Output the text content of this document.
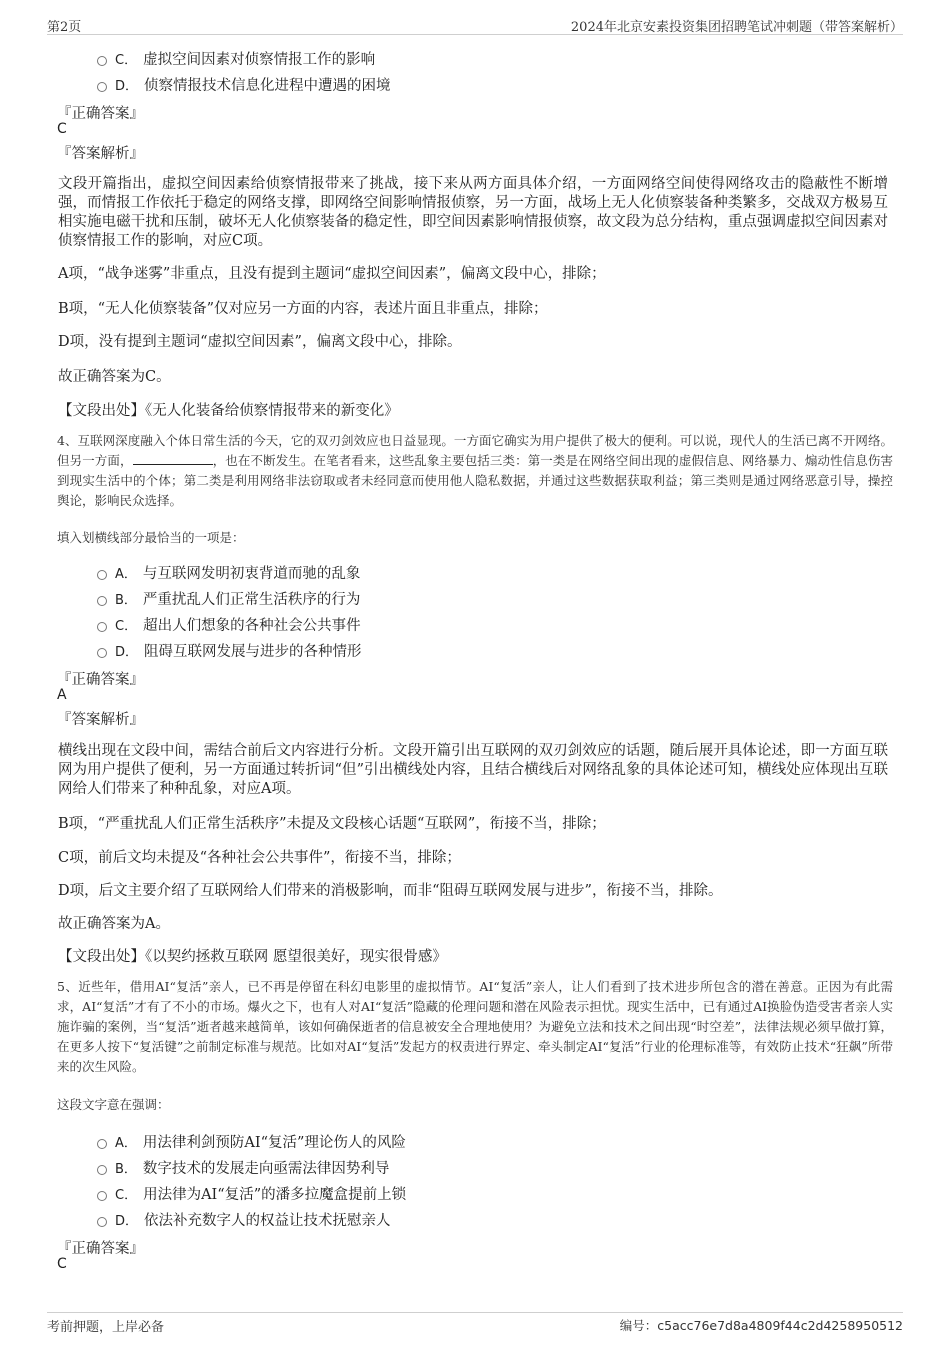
第2页	2024年北京安素投资集团招聘笔试冲刺题（带答案解析）
C． 虚拟空间因素对侦察情报工作的影响
D． 侦察情报技术信息化进程中遭遇的困境
『正确答案』
C
『答案解析』
文段开篇指出，虚拟空间因素给侦察情报带来了挑战，接下来从两方面具体介绍，一方面网络空间使得网络攻击的隐蔽性不断增强，而情报工作依托于稳定的网络支撑，即网络空间影响情报侦察，另一方面，战场上无人化侦察装备种类繁多，交战双方极易互相实施电磁干扰和压制，破坏无人化侦察装备的稳定性，即空间因素影响情报侦察，故文段为总分结构，重点强调虚拟空间因素对侦察情报工作的影响，对应C项。
A项，“战争迷雾”非重点，且没有提到主题词“虚拟空间因素”，偏离文段中心，排除；
B项，“无人化侦察装备”仅对应另一方面的内容，表述片面且非重点，排除；
D项，没有提到主题词“虚拟空间因素”，偏离文段中心，排除。
故正确答案为C。
【文段出处】《无人化装备给侦察情报带来的新变化》
4、互联网深度融入个体日常生活的今天，它的双刃剑效应也日益显现。一方面它确实为用户提供了极大的便利。可以说，现代人的生活已离不开网络。但另一方面，	，也在不断发生。在笔者看来，这些乱象主要包括三类：第一类是在网络空间出现的虚假信息、网络暴力、煽动性信息伤害到现实生活中的个体；第二类是利用网络非法窃取或者未经同意而使用他人隐私数据，并通过这些数据获取利益；第三类则是通过网络恶意引导，操控舆论，影响民众选择。
填入划横线部分最恰当的一项是：
A． 与互联网发明初衷背道而驰的乱象
B． 严重扰乱人们正常生活秩序的行为
C． 超出人们想象的各种社会公共事件
D． 阻碍互联网发展与进步的各种情形
『正确答案』
A
『答案解析』
横线出现在文段中间，需结合前后文内容进行分析。文段开篇引出互联网的双刃剑效应的话题，随后展开具体论述，即一方面互联网为用户提供了便利，另一方面通过转折词“但”引出横线处内容，且结合横线后对网络乱象的具体论述可知，横线处应体现出互联网给人们带来了种种乱象，对应A项。
B项，“严重扰乱人们正常生活秩序”未提及文段核心话题“互联网”，衔接不当，排除；
C项，前后文均未提及“各种社会公共事件”，衔接不当，排除；
D项，后文主要介绍了互联网给人们带来的消极影响，而非“阻碍互联网发展与进步”，衔接不当，排除。
故正确答案为A。
【文段出处】《以契约拯救互联网 愿望很美好，现实很骨感》
5、近些年，借用AI“复活”亲人，已不再是停留在科幻电影里的虚拟情节。AI“复活”亲人，让人们看到了技术进步所包含的潜在善意。正因为有此需求，AI“复活”才有了不小的市场。爆火之下，也有人对AI“复活”隐藏的伦理问题和潜在风险表示担忧。现实生活中，已有通过AI换脸伪造受害者亲人实施诈骗的案例，当“复活”逝者越来越简单，该如何确保逝者的信息被安全合理地使用？为避免立法和技术之间出现“时空差”，法律法规必须早做打算，在更多人按下“复活键”之前制定标准与规范。比如对AI“复活”发起方的权责进行界定、牵头制定AI“复活”行业的伦理标准等，有效防止技术“狂飙”所带来的次生风险。
这段文字意在强调：
A． 用法律利剑预防AI“复活”理论伤人的风险
B． 数字技术的发展走向亟需法律因势利导
C． 用法律为AI“复活”的潘多拉魔盒提前上锁
D． 依法补充数字人的权益让技术抚慰亲人
『正确答案』
C
考前押题，上岸必备	编号：c5acc76e7d8a4809f44c2d4258950512
